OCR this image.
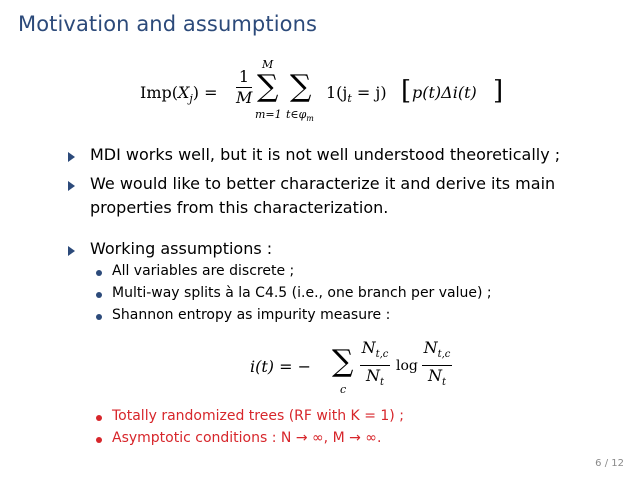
Motivation and assumptions
$Imp(X_j)$ =
1
M
M
∑
m=1
∑
$t\in\varphi_m$
$1(j_t = j)$ [ p(t)Δi(t) ]
MDI works well, but it is not well understood theoretically ;
We would like to better characterize it and derive its main
properties from this characterization.
Working assumptions :
All variables are discrete ;
Multi-way splits à la C4.5 (i.e., one branch per value) ;
Shannon entropy as impurity measure :
i(t) = − ∑
c
$N_{t,c}$
$N_t$
log
$N_{t,c}$
$N_t$
Totally randomized trees (RF with K = 1) ;
Asymptotic conditions : N → ∞, M → ∞.
6 / 12
